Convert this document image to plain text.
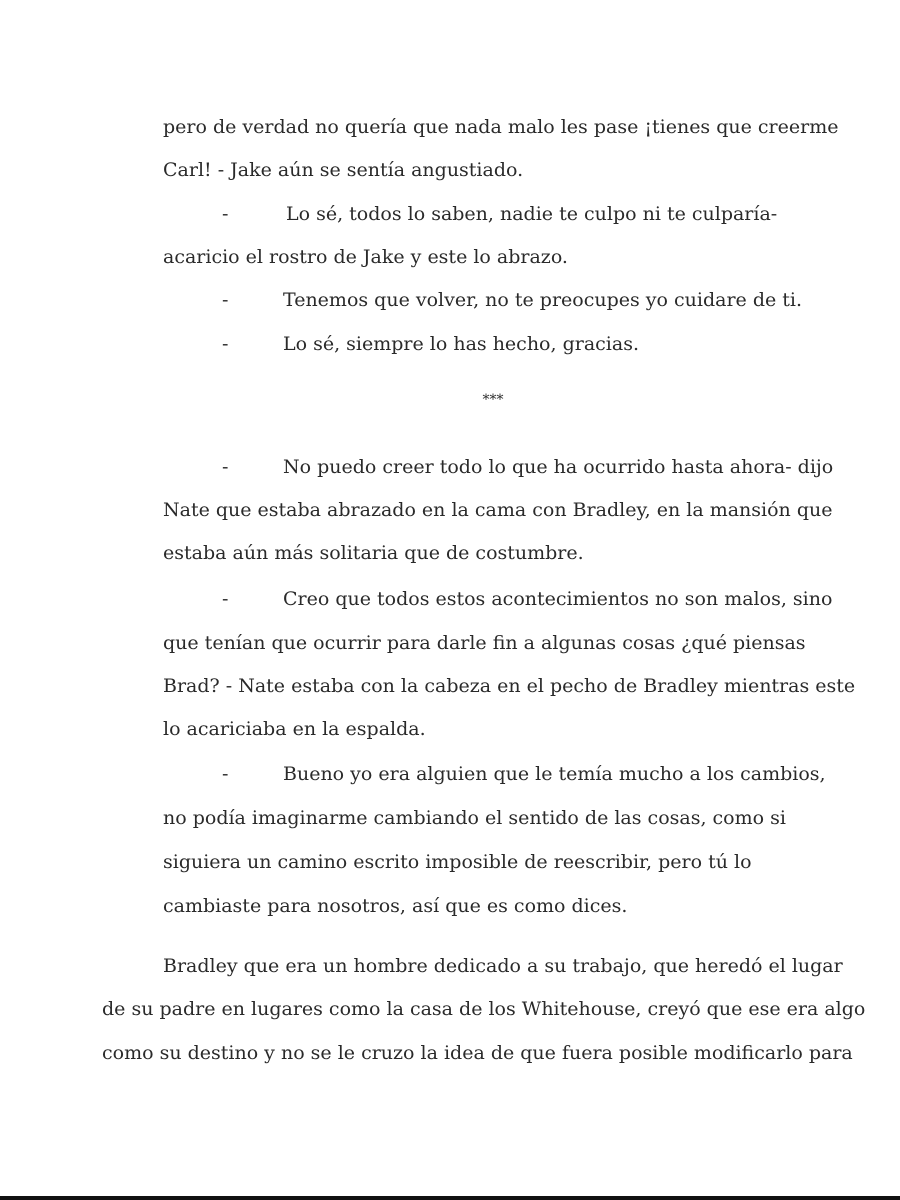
pero de verdad no quería que nada malo les pase ¡tienes que creerme
Carl! - Jake aún se sentía angustiado.
-	Lo sé, todos lo saben, nadie te culpo ni te culparía-
acaricio el rostro de Jake y este lo abrazo.
-	Tenemos que volver, no te preocupes yo cuidare de ti.
-	Lo sé, siempre lo has hecho, gracias.
***
-	No puedo creer todo lo que ha ocurrido hasta ahora- dijo
Nate que estaba abrazado en la cama con Bradley, en la mansión que
estaba aún más solitaria que de costumbre.
-	Creo que todos estos acontecimientos no son malos, sino
que tenían que ocurrir para darle fin a algunas cosas ¿qué piensas
Brad? - Nate estaba con la cabeza en el pecho de Bradley mientras este
lo acariciaba en la espalda.
-	Bueno yo era alguien que le temía mucho a los cambios,
no podía imaginarme cambiando el sentido de las cosas, como si
siguiera un camino escrito imposible de reescribir, pero tú lo
cambiaste para nosotros, así que es como dices.
Bradley que era un hombre dedicado a su trabajo, que heredó el lugar
de su padre en lugares como la casa de los Whitehouse, creyó que ese era algo
como su destino y no se le cruzo la idea de que fuera posible modificarlo para
